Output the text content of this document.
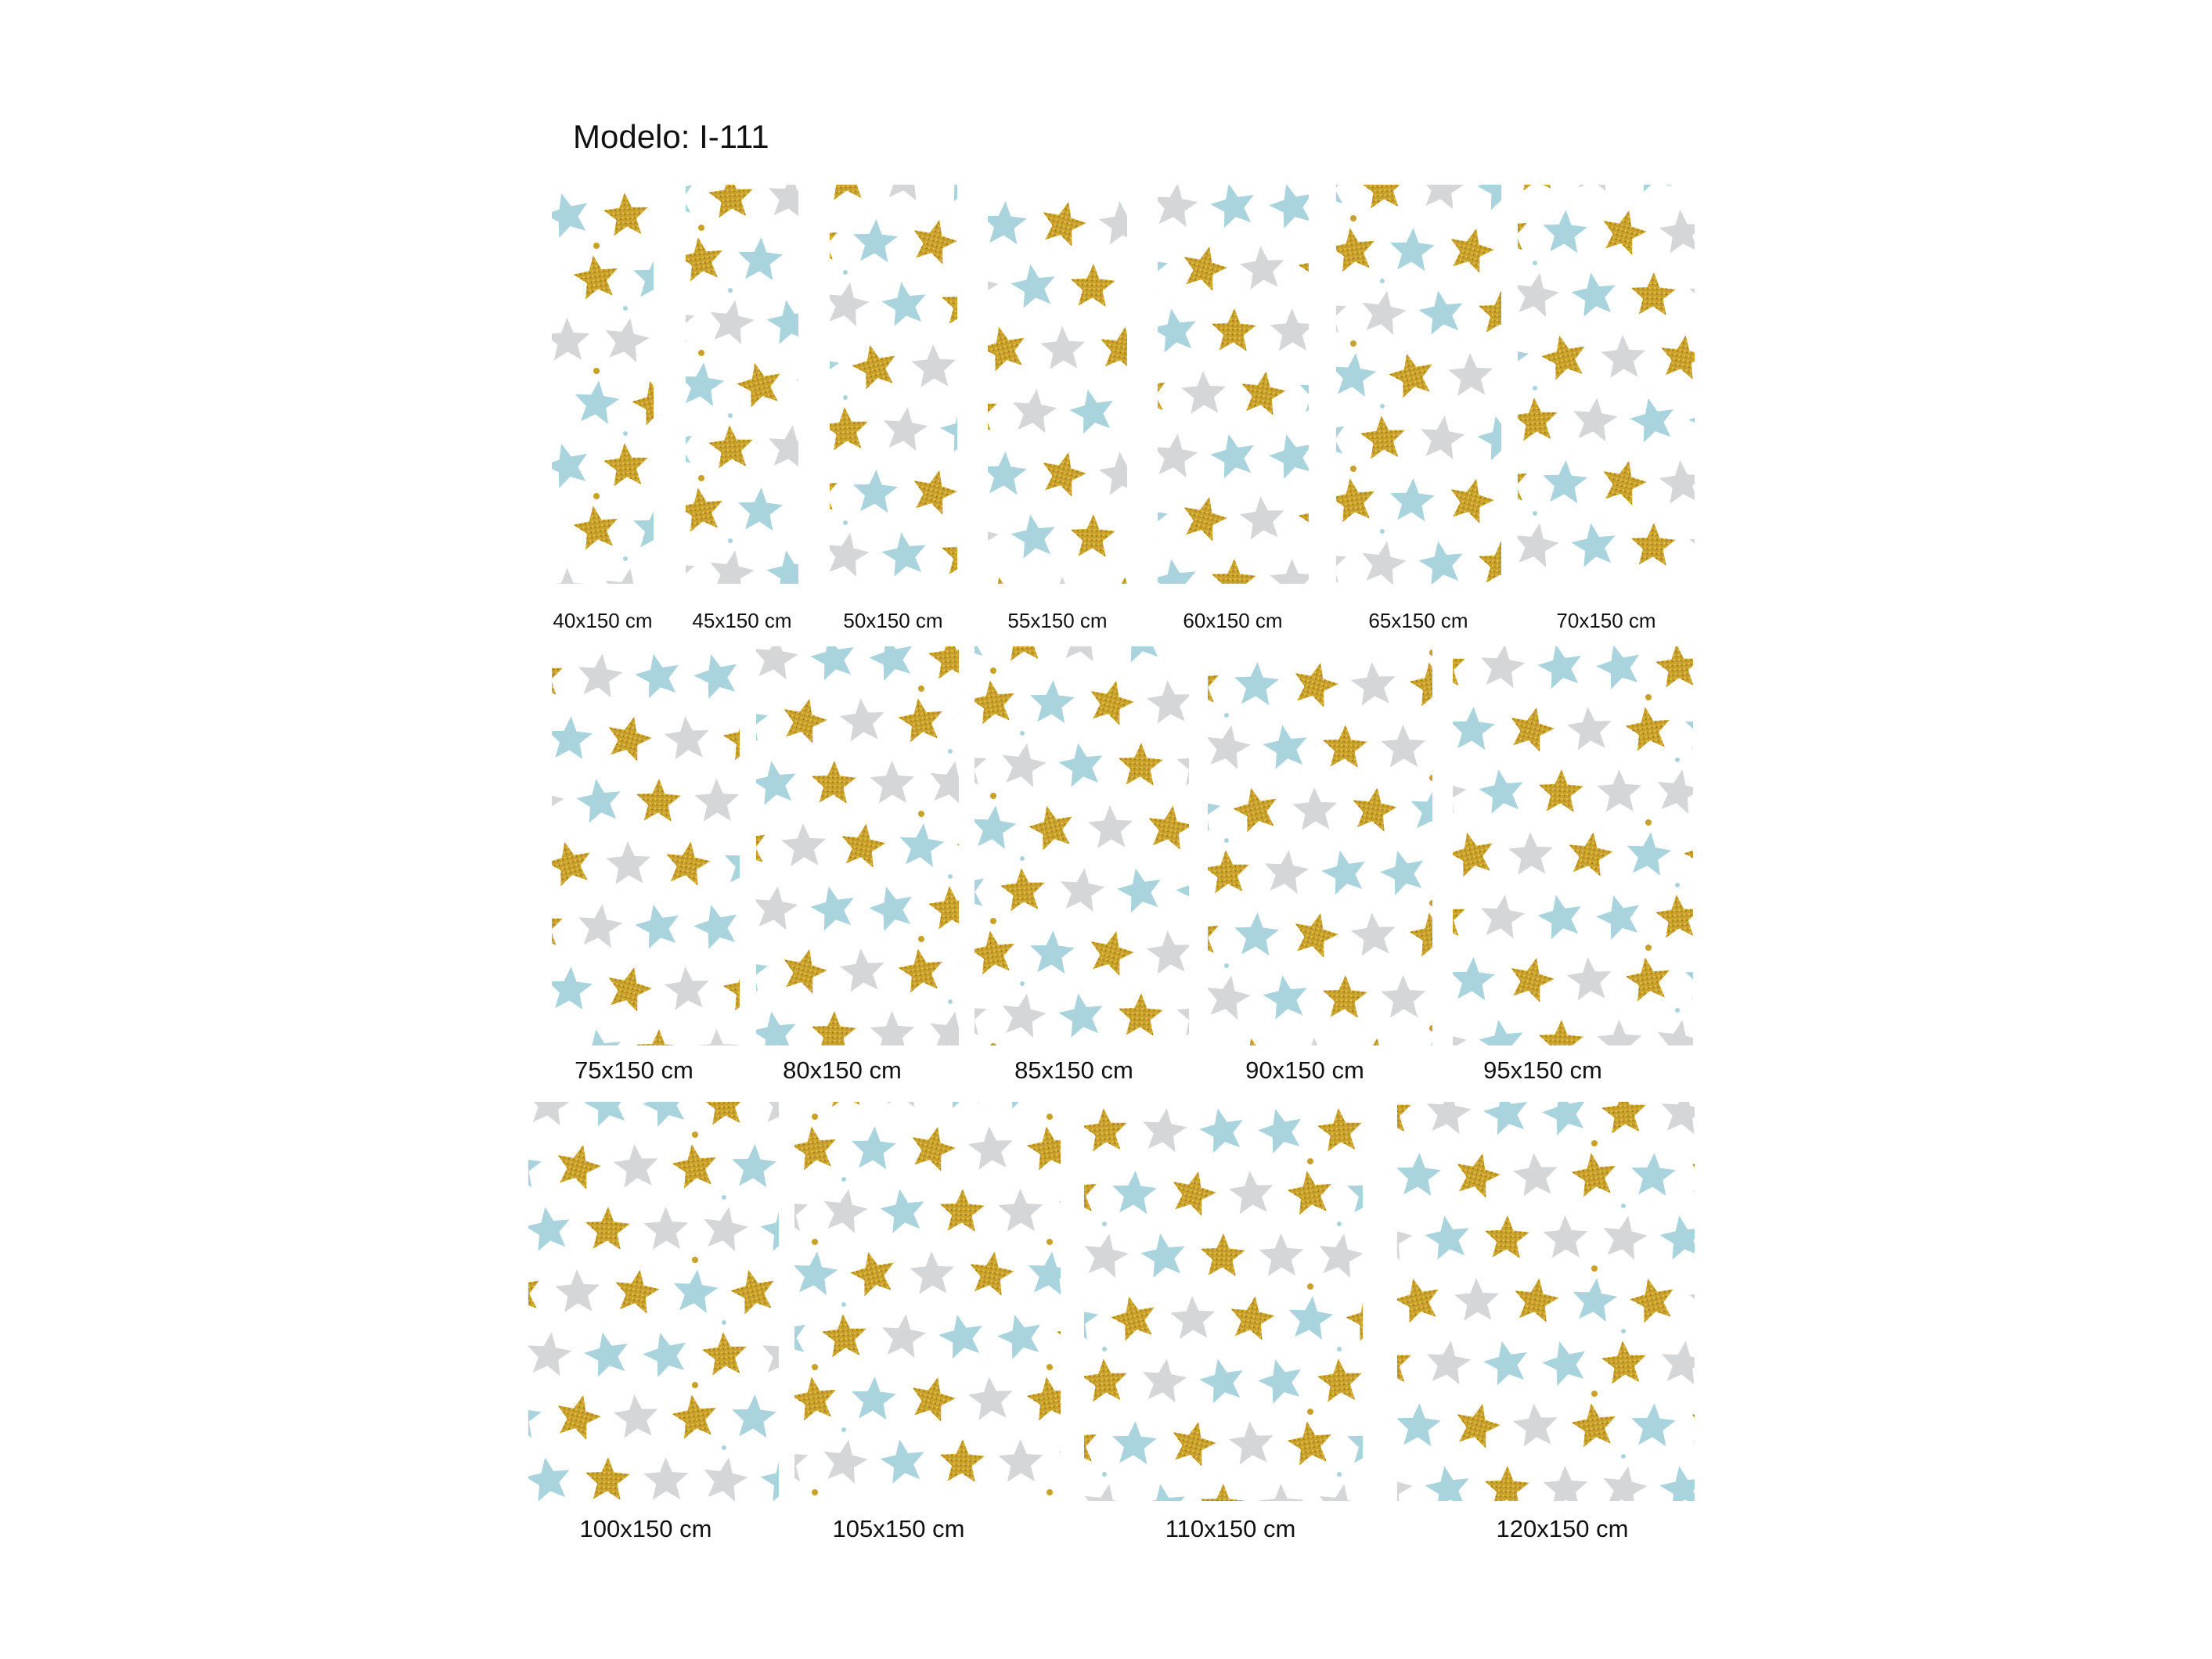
Modelo: I-111
40x150 cm 45x150 cm	50x150 cm	55x150 cm	60x150 cm	65x150 cm	70x150 cm
75x150 cm	80x150 cm	85x150 cm	90x150 cm	95x150 cm
100x150 cm	105x150 cm	110x150 cm	120x150 cm
